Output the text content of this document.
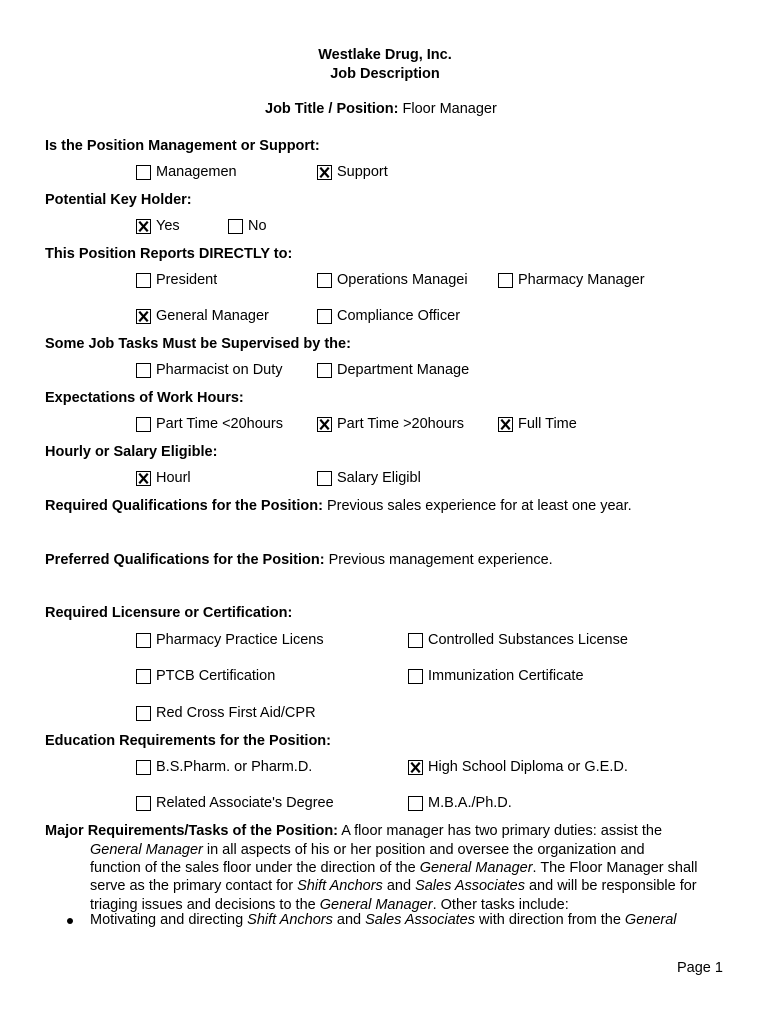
Westlake Drug, Inc.
Job Description
Job Title / Position: Floor Manager
Is the Position Management or Support:
Managemen	Support
Potential Key Holder:
Yes	No
This Position Reports DIRECTLY to:
President	Operations Managei	Pharmacy Manager
General Manager	Compliance Officer
Some Job Tasks Must be Supervised by the:
Pharmacist on Duty	Department Manage
Expectations of Work Hours:
Part Time <20hours	Part Time >20hours	Full Time
Hourly or Salary Eligible:
Hourl	Salary Eligibl
Required Qualifications for the Position: Previous sales experience for at least one year.
Preferred Qualifications for the Position: Previous management experience.
Required Licensure or Certification:
Pharmacy Practice Licens	Controlled Substances License
PTCB Certification	Immunization Certificate
Red Cross First Aid/CPR
Education Requirements for the Position:
B.S.Pharm. or Pharm.D.	High School Diploma or G.E.D.
Related Associate's Degree	M.B.A./Ph.D.
Major Requirements/Tasks of the Position: A floor manager has two primary duties: assist the
General Manager in all aspects of his or her position and oversee the organization and
function of the sales floor under the direction of the General Manager. The Floor Manager shall
serve as the primary contact for Shift Anchors and Sales Associates and will be responsible for
triaging issues and decisions to the General Manager. Other tasks include:
Motivating and directing Shift Anchors and Sales Associates with direction from the General
Page 1
